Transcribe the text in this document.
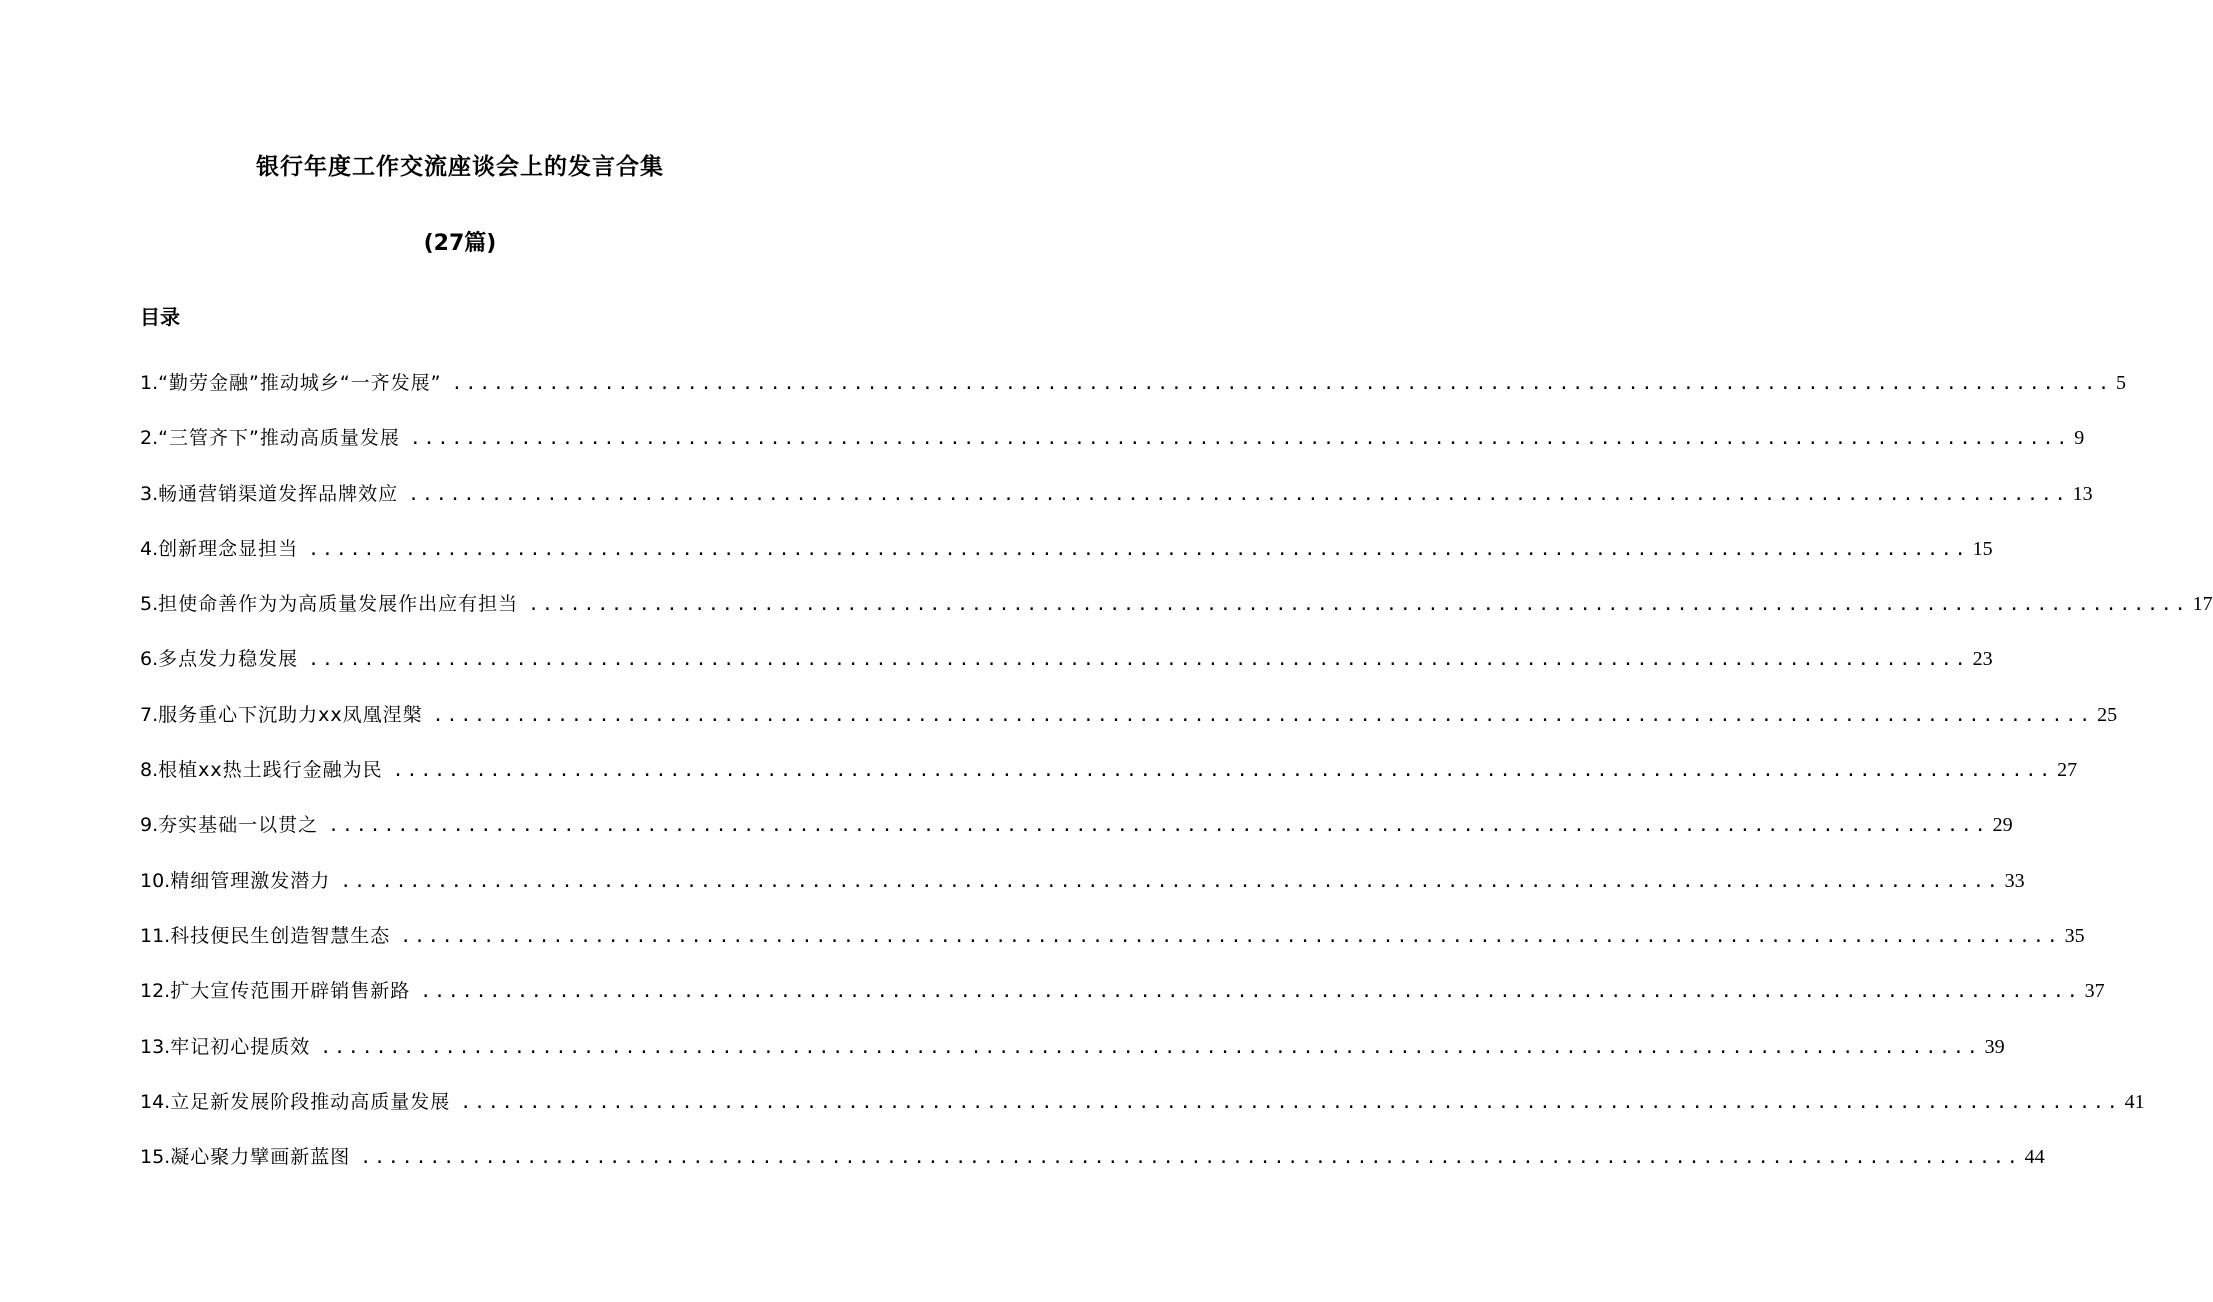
银行年度工作交流座谈会上的发言合集
(27篇)
目录
1. “勤劳金融”推动城乡“一齐发展” ........................................................................................................................ 5
2. “三管齐下”推动高质量发展 ........................................................................................................................ 9
3. 畅通营销渠道发挥品牌效应 ........................................................................................................................ 13
4. 创新理念显担当 ........................................................................................................................ 15
5. 担使命善作为为高质量发展作出应有担当 ........................................................................................................................ 17
6. 多点发力稳发展 ........................................................................................................................ 23
7. 服务重心下沉助力xx凤凰涅槃 ........................................................................................................................ 25
8. 根植xx热土践行金融为民 ........................................................................................................................ 27
9. 夯实基础一以贯之 ........................................................................................................................ 29
10. 精细管理激发潜力 ........................................................................................................................ 33
11. 科技便民生创造智慧生态 ........................................................................................................................ 35
12. 扩大宣传范围开辟销售新路 ........................................................................................................................ 37
13. 牢记初心提质效 ........................................................................................................................ 39
14. 立足新发展阶段推动高质量发展 ........................................................................................................................ 41
15. 凝心聚力擘画新蓝图 ........................................................................................................................ 44
